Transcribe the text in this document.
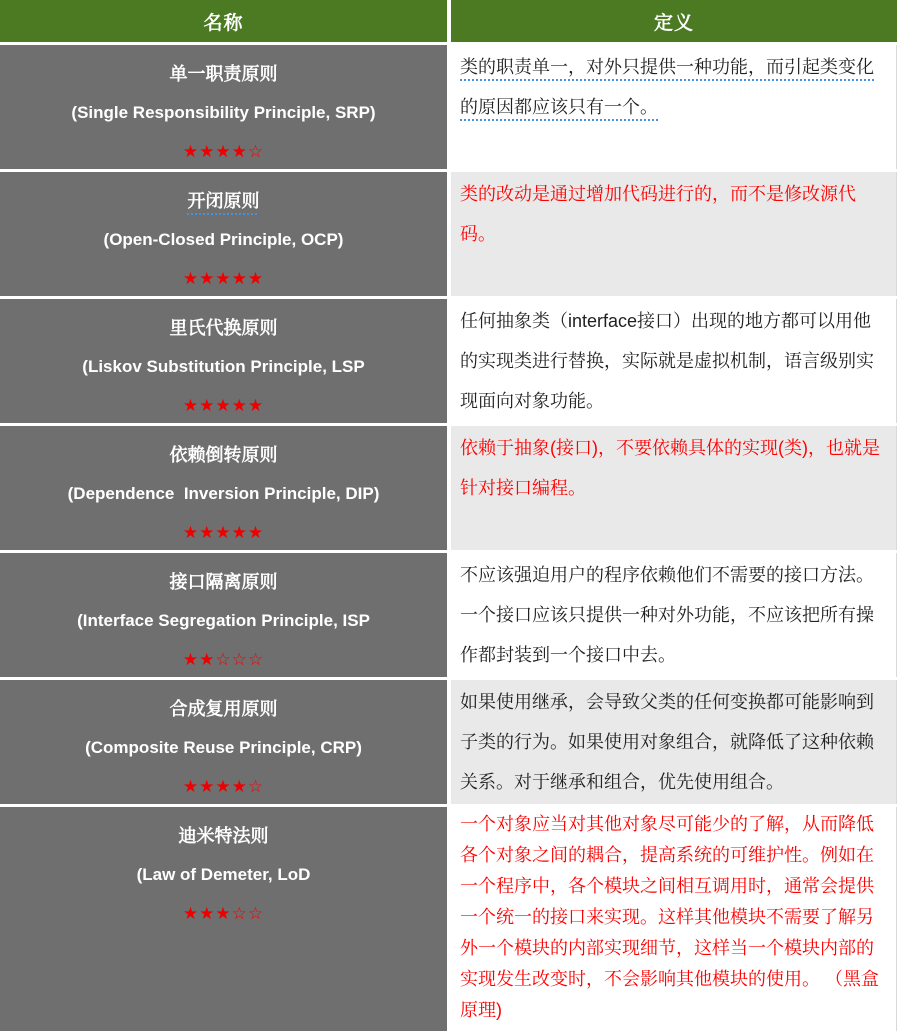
名称	定义
单一职责原则
(Single Responsibility Principle, SRP)
★★★★☆
类的职责单一，对外只提供一种功能，而引起类变化的原因都应该只有一个。
开闭原则
(Open-Closed Principle, OCP)
★★★★★
类的改动是通过增加代码进行的，而不是修改源代码。
里氏代换原则
(Liskov Substitution Principle, LSP
★★★★★
任何抽象类（interface接口）出现的地方都可以用他的实现类进行替换，实际就是虚拟机制，语言级别实现面向对象功能。
依赖倒转原则
(Dependence  Inversion Principle, DIP)
★★★★★
依赖于抽象(接口)，不要依赖具体的实现(类)，也就是针对接口编程。
接口隔离原则
(Interface Segregation Principle, ISP
★★☆☆☆
不应该强迫用户的程序依赖他们不需要的接口方法。一个接口应该只提供一种对外功能，不应该把所有操作都封装到一个接口中去。
合成复用原则
(Composite Reuse Principle, CRP)
★★★★☆
如果使用继承，会导致父类的任何变换都可能影响到子类的行为。如果使用对象组合，就降低了这种依赖关系。对于继承和组合，优先使用组合。
迪米特法则
(Law of Demeter, LoD
★★★☆☆
一个对象应当对其他对象尽可能少的了解，从而降低各个对象之间的耦合，提高系统的可维护性。例如在一个程序中，各个模块之间相互调用时，通常会提供一个统一的接口来实现。这样其他模块不需要了解另外一个模块的内部实现细节，这样当一个模块内部的实现发生改变时，不会影响其他模块的使用。 （黑盒原理)
